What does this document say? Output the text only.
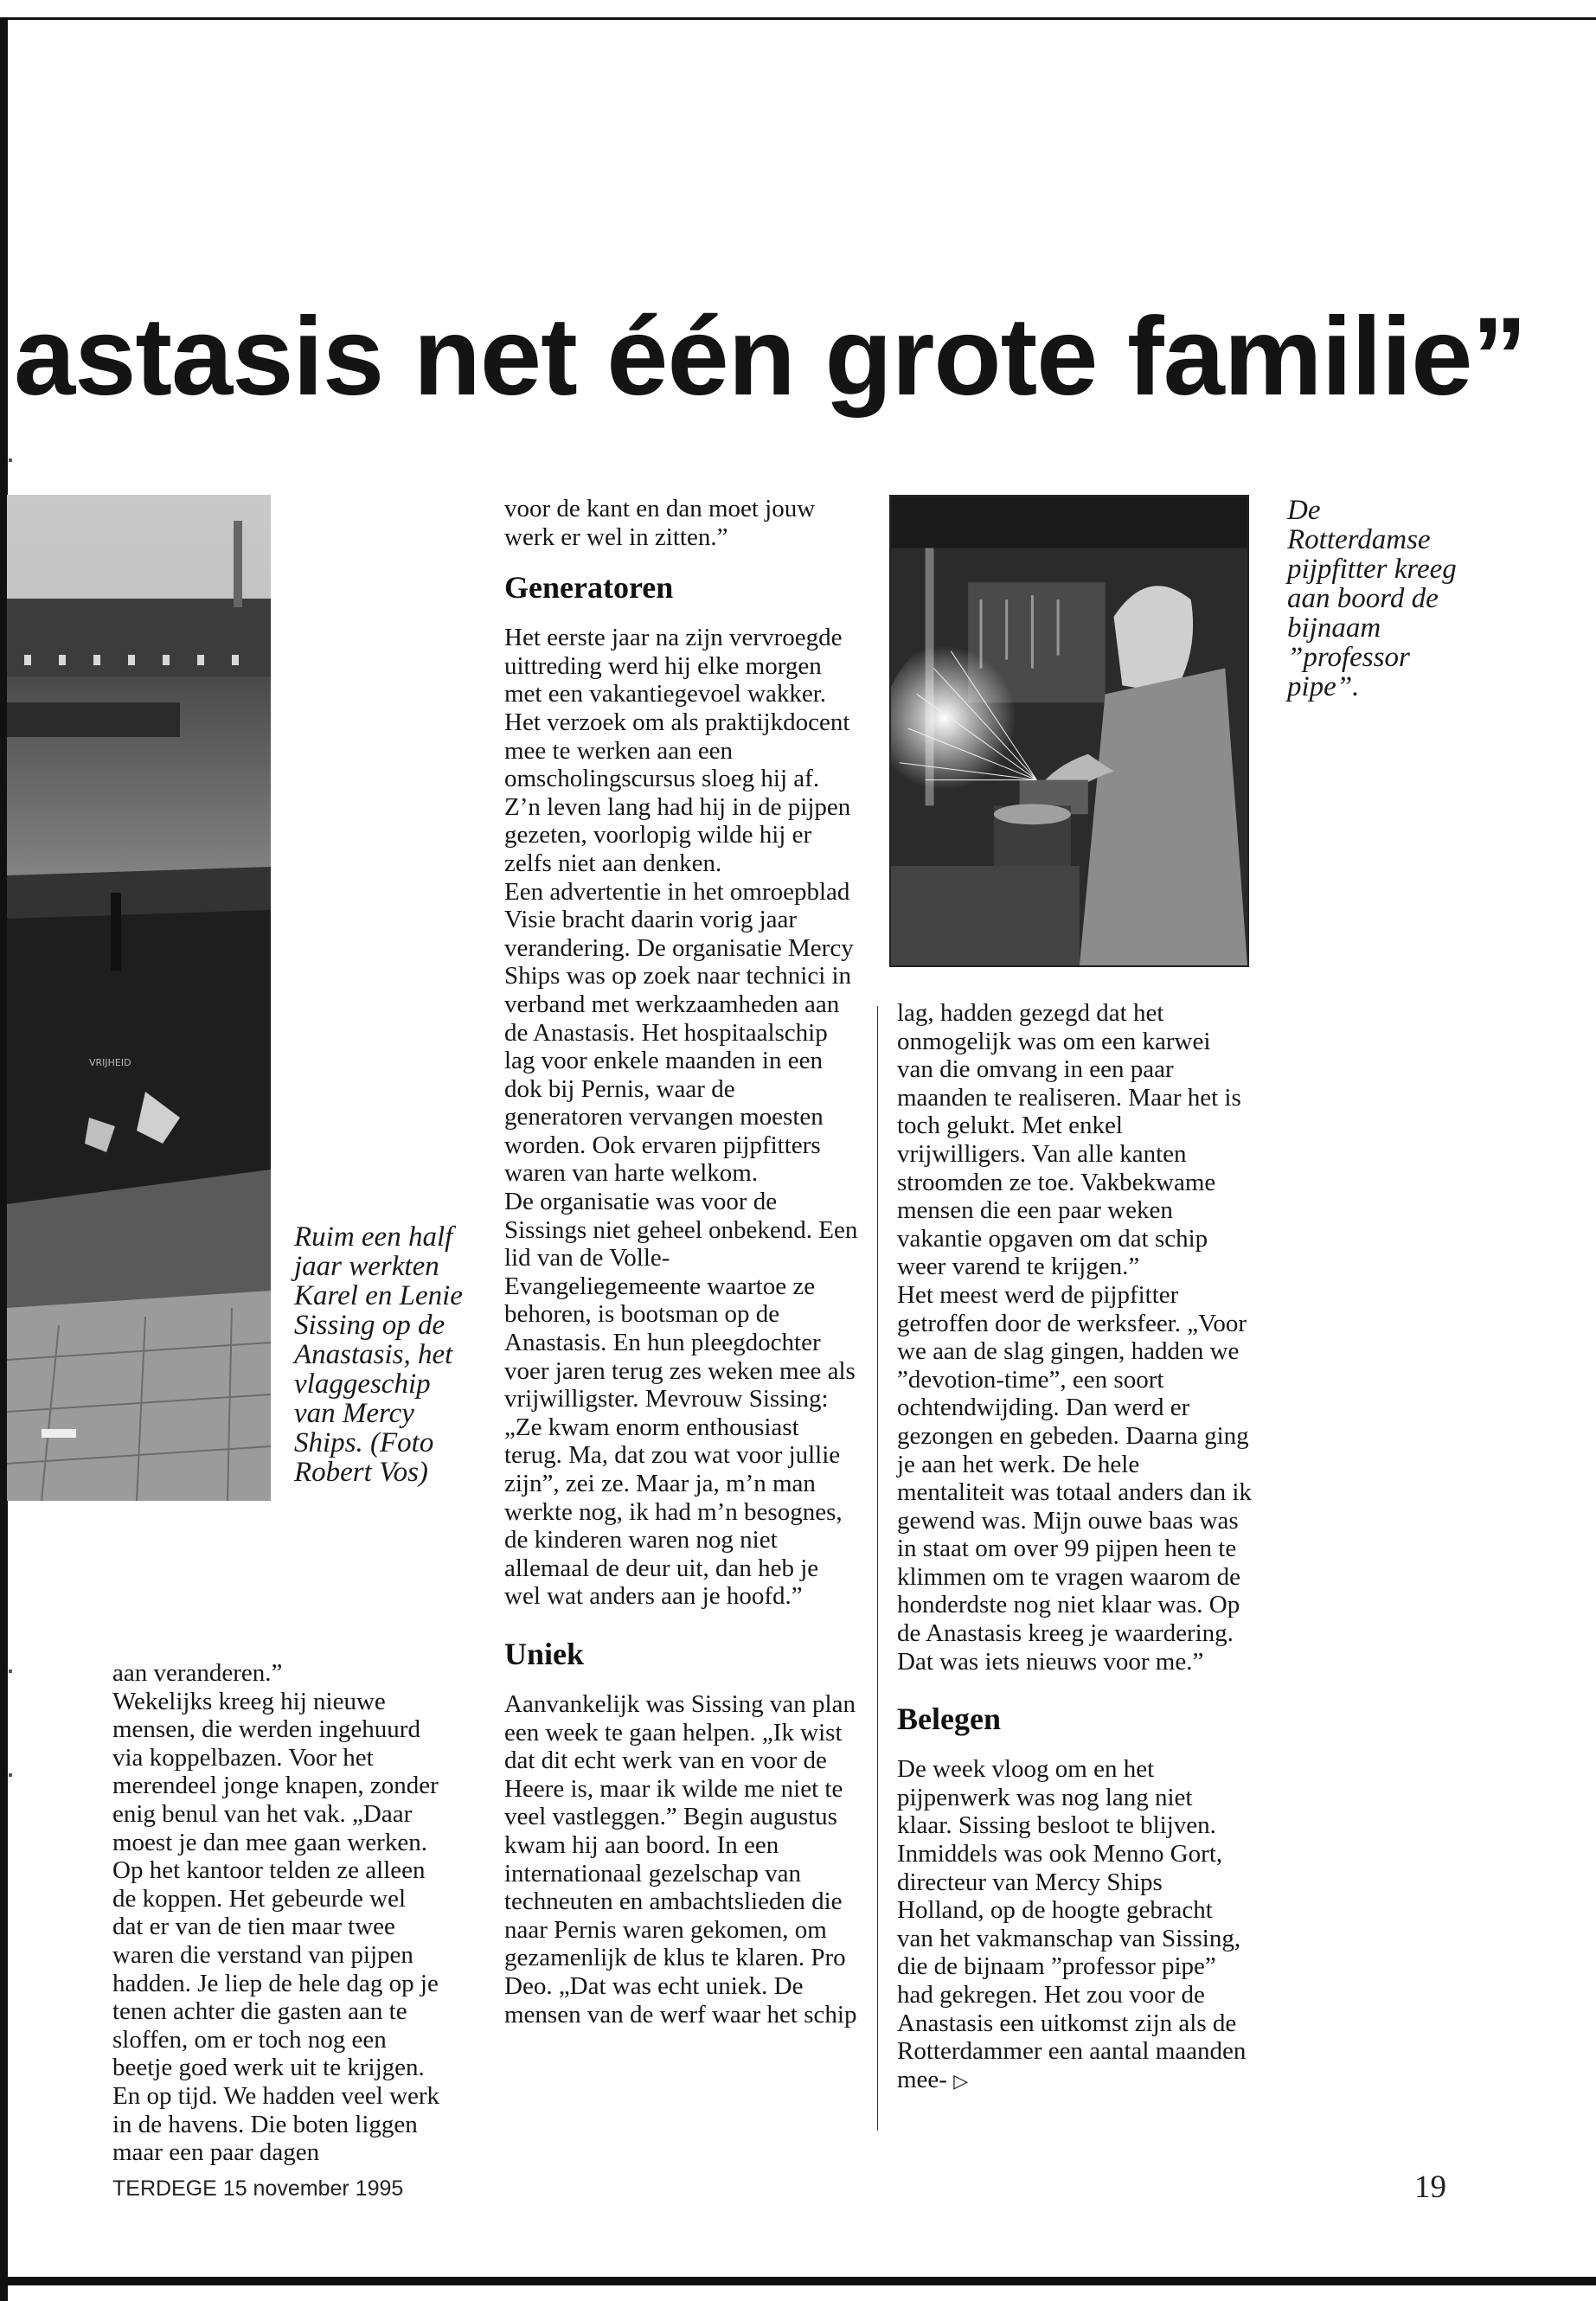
astasis net één grote familie”
VRIJHEID
Ruim een half jaar werkten Karel en Lenie Sissing op de Anastasis, het vlaggeschip van Mercy Ships. (Foto Robert Vos)
De Rotterdamse pijpfitter kreeg aan boord de bijnaam ”professor pipe”.

aan veranderen.”

Wekelijks kreeg hij nieuwe mensen, die werden ingehuurd via koppelbazen. Voor het merendeel jonge knapen, zonder enig benul van het vak. „Daar moest je dan mee gaan werken. Op het kantoor telden ze alleen de koppen. Het gebeurde wel dat er van de tien maar twee waren die verstand van pijpen hadden. Je liep de hele dag op je tenen achter die gasten aan te sloffen, om er toch nog een beetje goed werk uit te krijgen. En op tijd. We hadden veel werk in de havens. Die boten liggen maar een paar dagen

voor de kant en dan moet jouw werk er wel in zitten.”

Generatoren

Het eerste jaar na zijn vervroegde uittreding werd hij elke morgen met een vakantiegevoel wakker. Het verzoek om als praktijkdocent mee te werken aan een omscholingscursus sloeg hij af. Z’n leven lang had hij in de pijpen gezeten, voorlopig wilde hij er zelfs niet aan denken.

Een advertentie in het omroepblad Visie bracht daarin vorig jaar verandering. De organisatie Mercy Ships was op zoek naar technici in verband met werkzaamheden aan de Anastasis. Het hospitaalschip lag voor enkele maanden in een dok bij Pernis, waar de generatoren vervangen moesten worden. Ook ervaren pijpfitters waren van harte welkom.

De organisatie was voor de Sissings niet geheel onbekend. Een lid van de Volle-Evangeliegemeente waartoe ze behoren, is bootsman op de Anastasis. En hun pleegdochter voer jaren terug zes weken mee als vrijwilligster. Mevrouw Sissing: „Ze kwam enorm enthousiast terug. Ma, dat zou wat voor jullie zijn”, zei ze. Maar ja, m’n man werkte nog, ik had m’n besognes, de kinderen waren nog niet allemaal de deur uit, dan heb je wel wat anders aan je hoofd.”

Uniek

Aanvankelijk was Sissing van plan een week te gaan helpen. „Ik wist dat dit echt werk van en voor de Heere is, maar ik wilde me niet te veel vastleggen.” Begin augustus kwam hij aan boord. In een internationaal gezelschap van techneuten en ambachtslieden die naar Pernis waren gekomen, om gezamenlijk de klus te klaren. Pro Deo. „Dat was echt uniek. De mensen van de werf waar het schip

lag, hadden gezegd dat het onmogelijk was om een karwei van die omvang in een paar maanden te realiseren. Maar het is toch gelukt. Met enkel vrijwilligers. Van alle kanten stroomden ze toe. Vakbekwame mensen die een paar weken vakantie opgaven om dat schip weer varend te krijgen.”

Het meest werd de pijpfitter getroffen door de werksfeer. „Voor we aan de slag gingen, hadden we ”devotion-time”, een soort ochtendwijding. Dan werd er gezongen en gebeden. Daarna ging je aan het werk. De hele mentaliteit was totaal anders dan ik gewend was. Mijn ouwe baas was in staat om over 99 pijpen heen te klimmen om te vragen waarom de honderdste nog niet klaar was. Op de Anastasis kreeg je waardering. Dat was iets nieuws voor me.”

Belegen

De week vloog om en het pijpenwerk was nog lang niet klaar. Sissing besloot te blijven. Inmiddels was ook Menno Gort, directeur van Mercy Ships Holland, op de hoogte gebracht van het vakmanschap van Sissing, die de bijnaam ”professor pipe” had gekregen. Het zou voor de Anastasis een uitkomst zijn als de Rotterdammer een aantal maanden mee- ▷

TERDEGE 15 november 1995	19
